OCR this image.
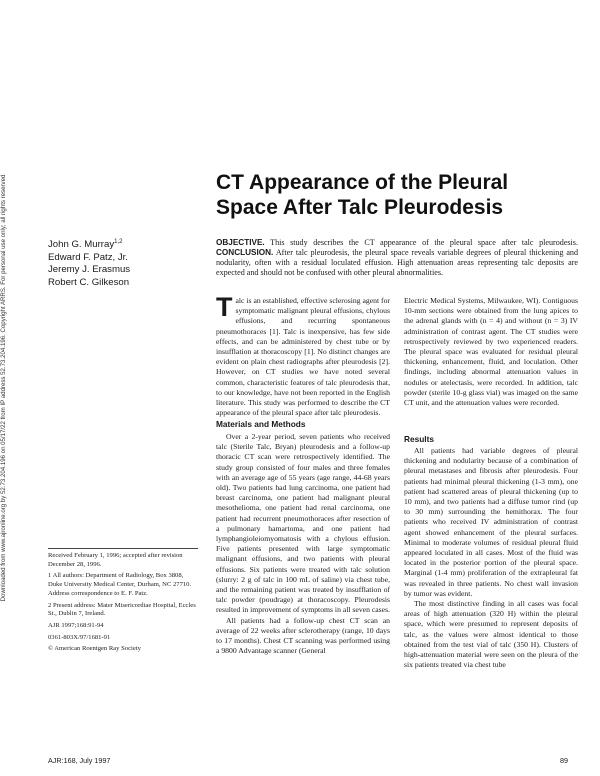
Downloaded from www.ajronline.org by 52.73.204.196 on 05/17/22 from IP address 52.73.204.196. Copyright ARRS. For personal use only; all rights reserved	CT Appearance of the Pleural
Space After Talc Pleurodesis
John G. Murray$^{1,2}$
Edward F. Patz, Jr.
Jeremy J. Erasmus
Robert C. Gilkeson
OBJECTIVE. This study describes the CT appearance of the pleural space after talc pleurodesis. CONCLUSION. After talc pleurodesis, the pleural space reveals variable degrees of pleural thickening and nodularity, often with a residual loculated effusion. High attenuation areas representing talc deposits are expected and should not be confused with other pleural abnormalities.

Talc is an established, effective sclerosing agent for symptomatic malignant pleural effusions, chylous effusions, and recurring spontaneous pneumothoraces [1]. Talc is inexpensive, has few side effects, and can be administered by chest tube or by insufflation at thoracoscopy [1]. No distinct changes are evident on plain chest radiographs after pleurodesis [2]. However, on CT studies we have noted several common, characteristic features of talc pleurodesis that, to our knowledge, have not been reported in the English literature. This study was performed to describe the CT appearance of the pleural space after talc pleurodesis.

Materials and Methods

Over a 2-year period, seven patients who received talc (Sterile Talc, Bryan) pleurodesis and a follow-up thoracic CT scan were retrospectively identified. The study group consisted of four males and three females with an average age of 55 years (age range, 44-68 years old). Two patients had lung carcinoma, one patient had breast carcinoma, one patient had malignant pleural mesothelioma, one patient had renal carcinoma, one patient had recurrent pneumothoraces after resection of a pulmonary hamartoma, and one patient had lymphangioleiomyomatosis with a chylous effusion. Five patients presented with large symptomatic malignant effusions, and two patients with pleural effusions. Six patients were treated with talc solution (slurry: 2 g of talc in 100 mL of saline) via chest tube, and the remaining patient was treated by insufflation of talc powder (poudrage) at thoracoscopy. Pleurodesis resulted in improvement of symptoms in all seven cases.

All patients had a follow-up chest CT scan an average of 22 weeks after sclerotherapy (range, 10 days to 17 months). Chest CT scanning was performed using a 9800 Advantage scanner (General

Electric Medical Systems, Milwaukee, WI). Contiguous 10-mm sections were obtained from the lung apices to the adrenal glands with (n = 4) and without (n = 3) IV administration of contrast agent. The CT studies were retrospectively reviewed by two experienced readers. The pleural space was evaluated for residual pleural thickening, enhancement, fluid, and loculation. Other findings, including abnormal attenuation values in nodules or atelectasis, were recorded. In addition, talc powder (sterile 10-g glass vial) was imaged on the same CT unit, and the attenuation values were recorded.

Results

All patients had variable degrees of pleural thickening and nodularity because of a combination of pleural metastases and fibrosis after pleurodesis. Four patients had minimal pleural thickening (1-3 mm), one patient had scattered areas of pleural thickening (up to 10 mm), and two patients had a diffuse tumor rind (up to 30 mm) surrounding the hemithorax. The four patients who received IV administration of contrast agent showed enhancement of the pleural surfaces. Minimal to moderate volumes of residual pleural fluid appeared loculated in all cases. Most of the fluid was located in the posterior portion of the pleural space. Marginal (1-4 mm) proliferation of the extrapleural fat was revealed in three patients. No chest wall invasion by tumor was evident.

The most distinctive finding in all cases was focal areas of high attenuation (320 H) within the pleural space, which were presumed to represent deposits of talc, as the values were almost identical to those obtained from the test vial of talc (350 H). Clusters of high-attenuation material were seen on the pleura of the six patients treated via chest tube

Received February 1, 1996; accepted after revision December 28, 1996.

1 All authors: Department of Radiology, Box 3808, Duke University Medical Center, Durham, NC 27710. Address correspondence to E. F. Patz.

2 Present address: Mater Misericordiae Hospital, Eccles St., Dublin 7, Ireland.

AJR 1997;168:91-94

0361-803X/97/1681-91

© American Roentgen Ray Society

AJR:168, July 1997	89
